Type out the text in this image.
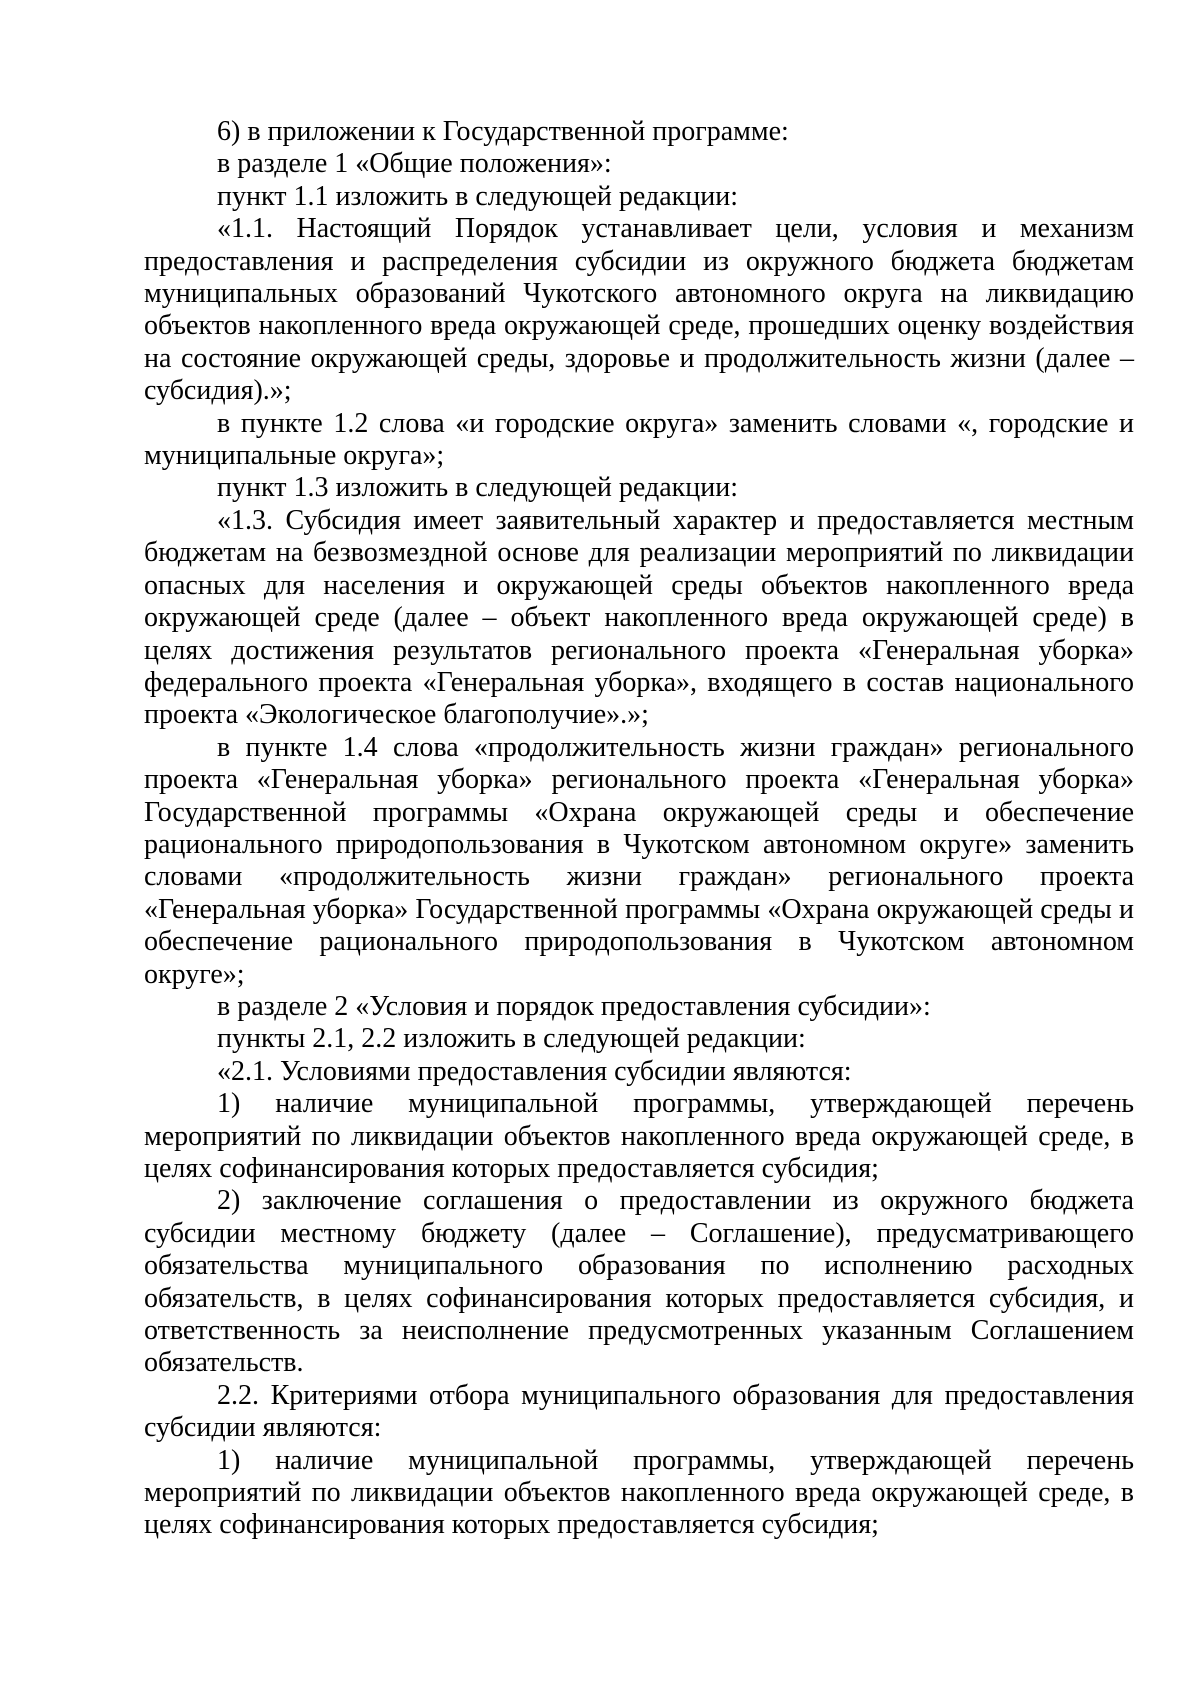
6) в приложении к Государственной программе:

в разделе 1 «Общие положения»:

пункт 1.1 изложить в следующей редакции:

«1.1. Настоящий Порядок устанавливает цели, условия и механизм предоставления и распределения субсидии из окружного бюджета бюджетам муниципальных образований Чукотского автономного округа на ликвидацию объектов накопленного вреда окружающей среде, прошедших оценку воздействия на состояние окружающей среды, здоровье и продолжительность жизни (далее – субсидия).»;

в пункте 1.2 слова «и городские округа» заменить словами «, городские и муниципальные округа»;

пункт 1.3 изложить в следующей редакции:

«1.3. Субсидия имеет заявительный характер и предоставляется местным бюджетам на безвозмездной основе для реализации мероприятий по ликвидации опасных для населения и окружающей среды объектов накопленного вреда окружающей среде (далее – объект накопленного вреда окружающей среде) в целях достижения результатов регионального проекта «Генеральная уборка» федерального проекта «Генеральная уборка», входящего в состав национального проекта «Экологическое благополучие».»;

в пункте 1.4 слова «продолжительность жизни граждан» регионального проекта «Генеральная уборка» регионального проекта «Генеральная уборка» Государственной программы «Охрана окружающей среды и обеспечение рационального природопользования в Чукотском автономном округе» заменить словами «продолжительность жизни граждан» регионального проекта «Генеральная уборка» Государственной программы «Охрана окружающей среды и обеспечение рационального природопользования в Чукотском автономном округе»;

в разделе 2 «Условия и порядок предоставления субсидии»:

пункты 2.1, 2.2 изложить в следующей редакции:

«2.1. Условиями предоставления субсидии являются:

1) наличие муниципальной программы, утверждающей перечень мероприятий по ликвидации объектов накопленного вреда окружающей среде, в целях софинансирования которых предоставляется субсидия;

2) заключение соглашения о предоставлении из окружного бюджета субсидии местному бюджету (далее – Соглашение), предусматривающего обязательства муниципального образования по исполнению расходных обязательств, в целях софинансирования которых предоставляется субсидия, и ответственность за неисполнение предусмотренных указанным Соглашением обязательств.

2.2. Критериями отбора муниципального образования для предоставления субсидии являются:

1) наличие муниципальной программы, утверждающей перечень мероприятий по ликвидации объектов накопленного вреда окружающей среде, в целях софинансирования которых предоставляется субсидия;
